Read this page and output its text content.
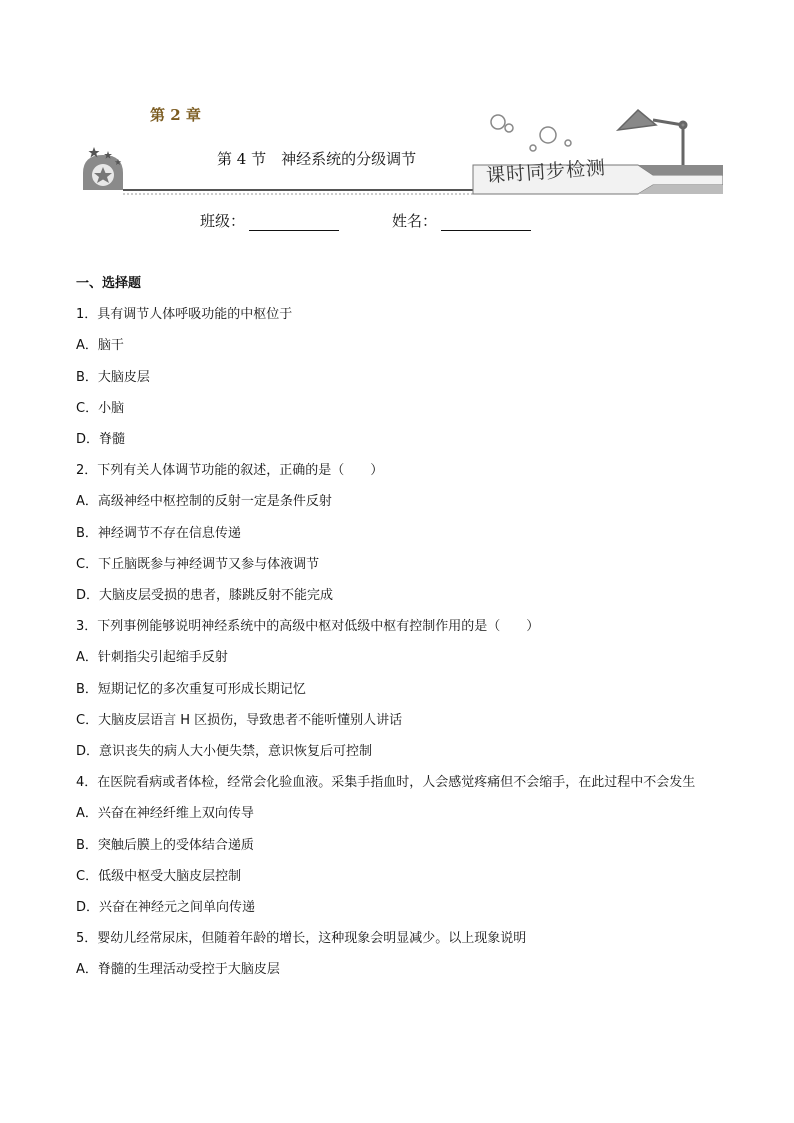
第 2 章
第 4 节　神经系统的分级调节	课时同步检测
班级：	姓名：
一、选择题
1．具有调节人体呼吸功能的中枢位于
A．脑干
B．大脑皮层
C．小脑
D．脊髓
2．下列有关人体调节功能的叙述，正确的是（　　）
A．高级神经中枢控制的反射一定是条件反射
B．神经调节不存在信息传递
C．下丘脑既参与神经调节又参与体液调节
D．大脑皮层受损的患者，膝跳反射不能完成
3．下列事例能够说明神经系统中的高级中枢对低级中枢有控制作用的是（　　）
A．针刺指尖引起缩手反射
B．短期记忆的多次重复可形成长期记忆
C．大脑皮层语言 H 区损伤，导致患者不能听懂别人讲话
D．意识丧失的病人大小便失禁，意识恢复后可控制
4．在医院看病或者体检，经常会化验血液。采集手指血时，人会感觉疼痛但不会缩手，在此过程中不会发生
A．兴奋在神经纤维上双向传导
B．突触后膜上的受体结合递质
C．低级中枢受大脑皮层控制
D．兴奋在神经元之间单向传递
5．婴幼儿经常尿床，但随着年龄的增长，这种现象会明显减少。以上现象说明
A．脊髓的生理活动受控于大脑皮层
